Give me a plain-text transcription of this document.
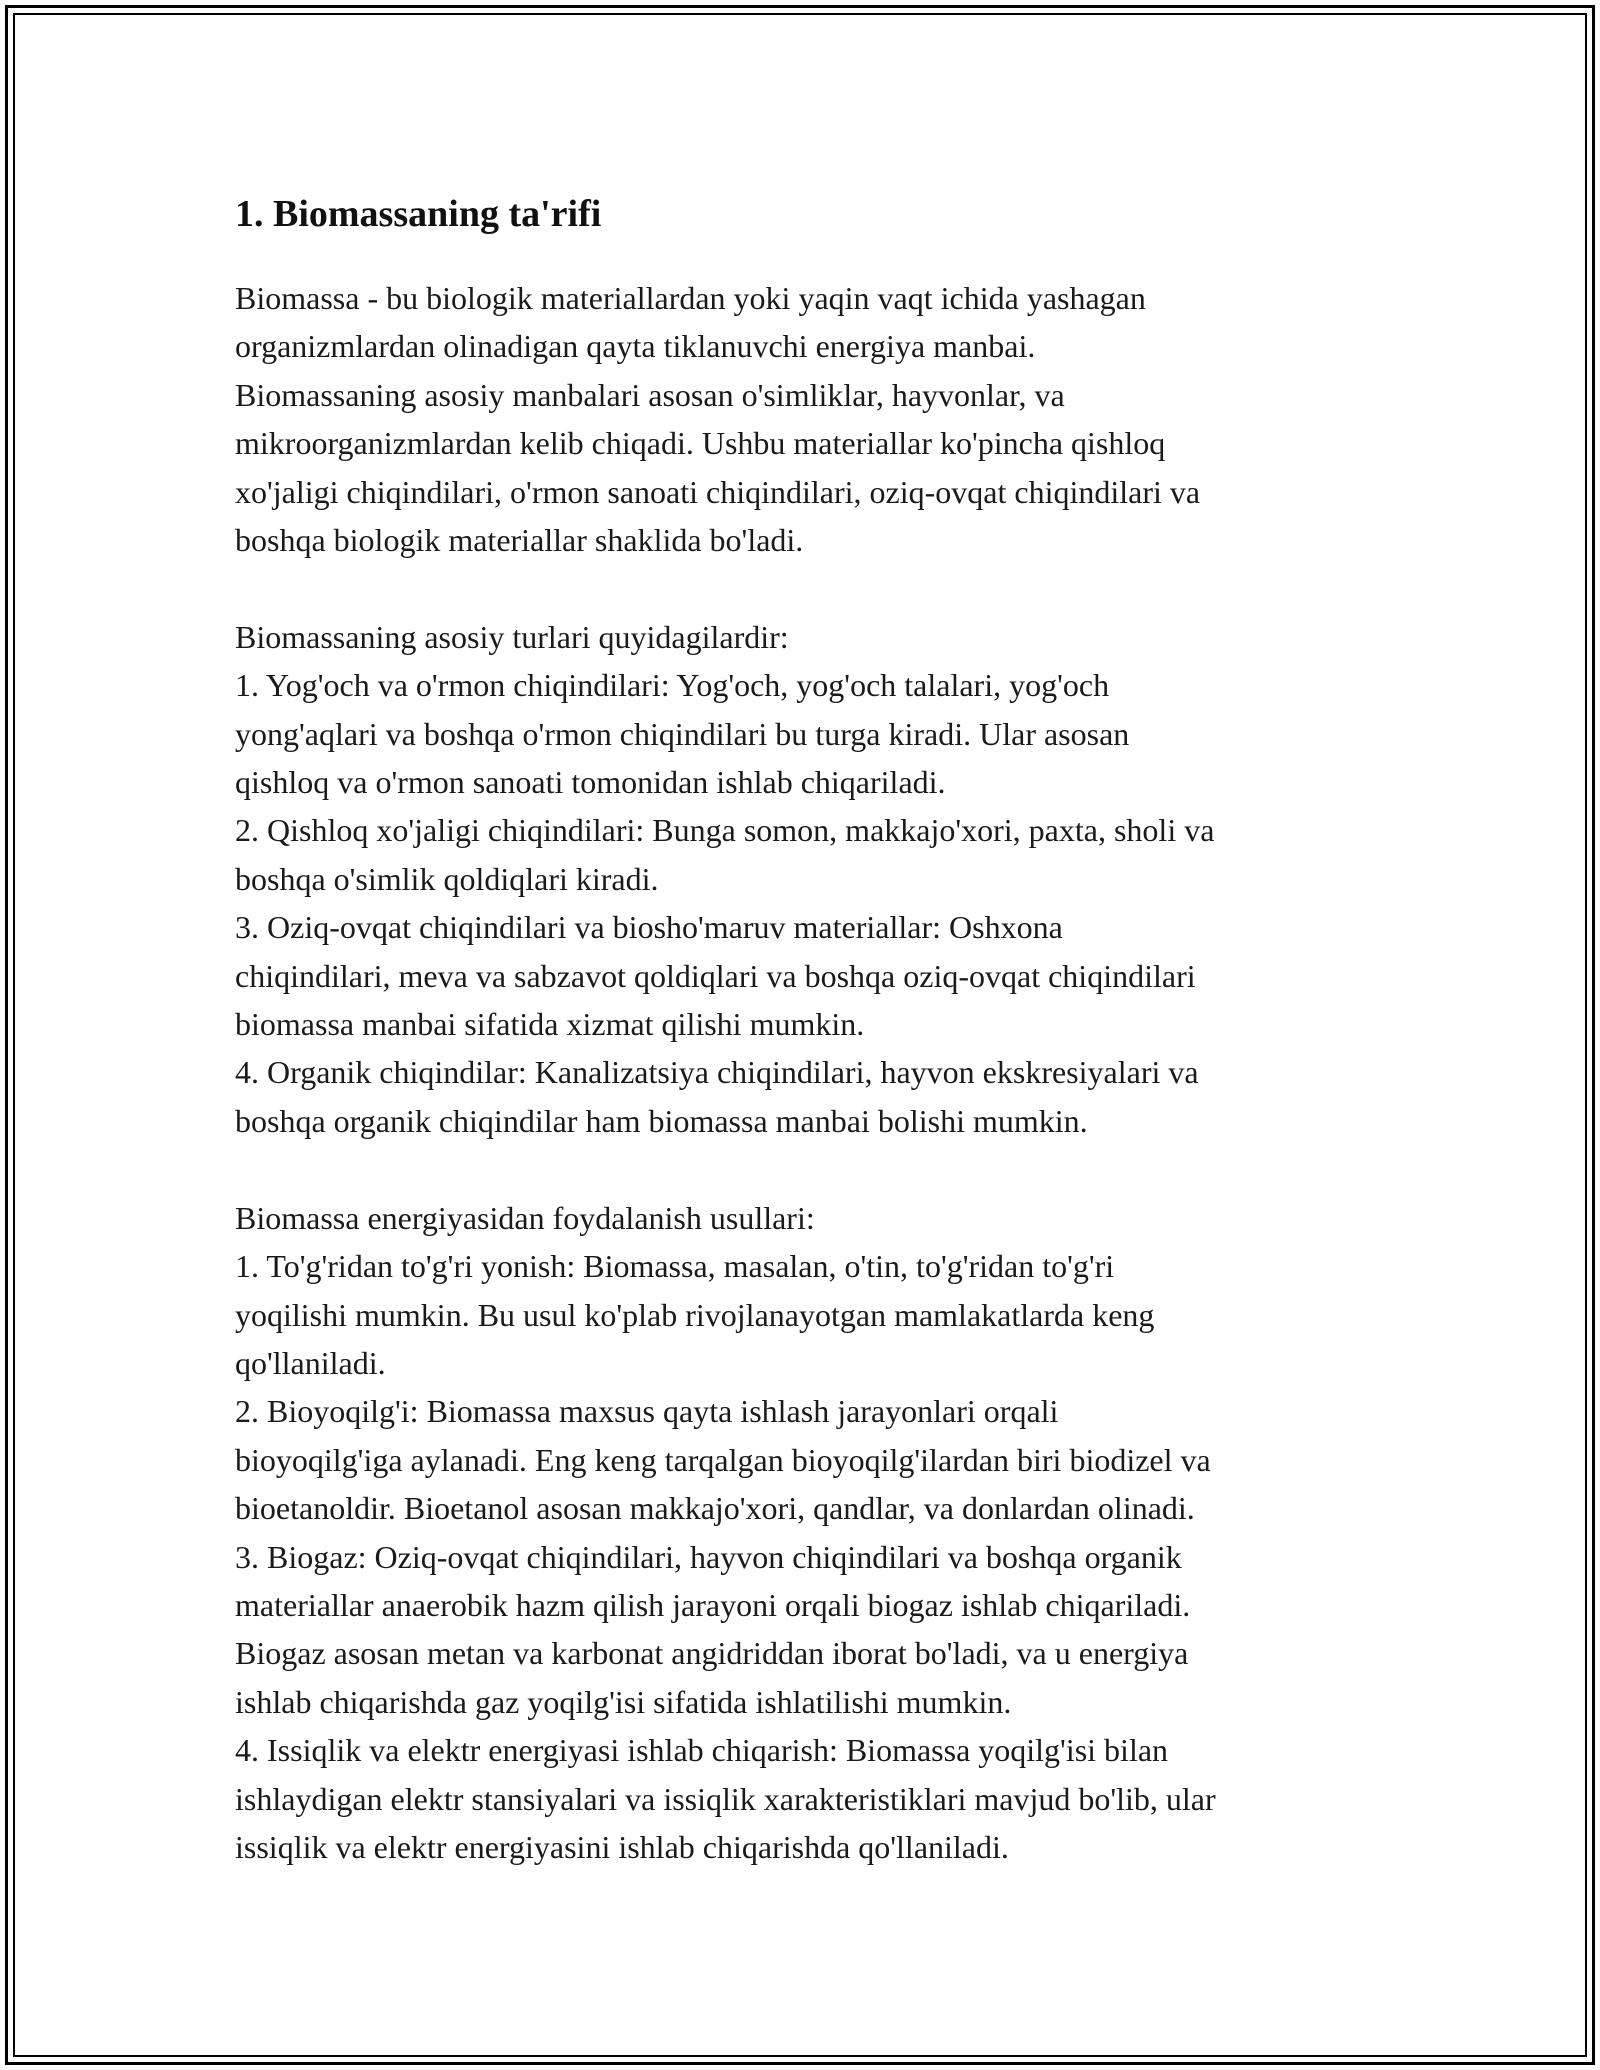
1. Biomassaning ta'rifi

Biomassa - bu biologik materiallardan yoki yaqin vaqt ichida yashagan
organizmlardan olinadigan qayta tiklanuvchi energiya manbai.
Biomassaning asosiy manbalari asosan o'simliklar, hayvonlar, va
mikroorganizmlardan kelib chiqadi. Ushbu materiallar ko'pincha qishloq
xo'jaligi chiqindilari, o'rmon sanoati chiqindilari, oziq-ovqat chiqindilari va
boshqa biologik materiallar shaklida bo'ladi.

Biomassaning asosiy turlari quyidagilardir:
1. Yog'och va o'rmon chiqindilari: Yog'och, yog'och talalari, yog'och
yong'aqlari va boshqa o'rmon chiqindilari bu turga kiradi. Ular asosan
qishloq va o'rmon sanoati tomonidan ishlab chiqariladi.
2. Qishloq xo'jaligi chiqindilari: Bunga somon, makkajo'xori, paxta, sholi va
boshqa o'simlik qoldiqlari kiradi.
3. Oziq-ovqat chiqindilari va biosho'maruv materiallar: Oshxona
chiqindilari, meva va sabzavot qoldiqlari va boshqa oziq-ovqat chiqindilari
biomassa manbai sifatida xizmat qilishi mumkin.
4. Organik chiqindilar: Kanalizatsiya chiqindilari, hayvon ekskresiyalari va
boshqa organik chiqindilar ham biomassa manbai bolishi mumkin.

Biomassa energiyasidan foydalanish usullari:
1. To'g'ridan to'g'ri yonish: Biomassa, masalan, o'tin, to'g'ridan to'g'ri
yoqilishi mumkin. Bu usul ko'plab rivojlanayotgan mamlakatlarda keng
qo'llaniladi.
2. Bioyoqilg'i: Biomassa maxsus qayta ishlash jarayonlari orqali
bioyoqilg'iga aylanadi. Eng keng tarqalgan bioyoqilg'ilardan biri biodizel va
bioetanoldir. Bioetanol asosan makkajo'xori, qandlar, va donlardan olinadi.
3. Biogaz: Oziq-ovqat chiqindilari, hayvon chiqindilari va boshqa organik
materiallar anaerobik hazm qilish jarayoni orqali biogaz ishlab chiqariladi.
Biogaz asosan metan va karbonat angidriddan iborat bo'ladi, va u energiya
ishlab chiqarishda gaz yoqilg'isi sifatida ishlatilishi mumkin.
4. Issiqlik va elektr energiyasi ishlab chiqarish: Biomassa yoqilg'isi bilan
ishlaydigan elektr stansiyalari va issiqlik xarakteristiklari mavjud bo'lib, ular
issiqlik va elektr energiyasini ishlab chiqarishda qo'llaniladi.
